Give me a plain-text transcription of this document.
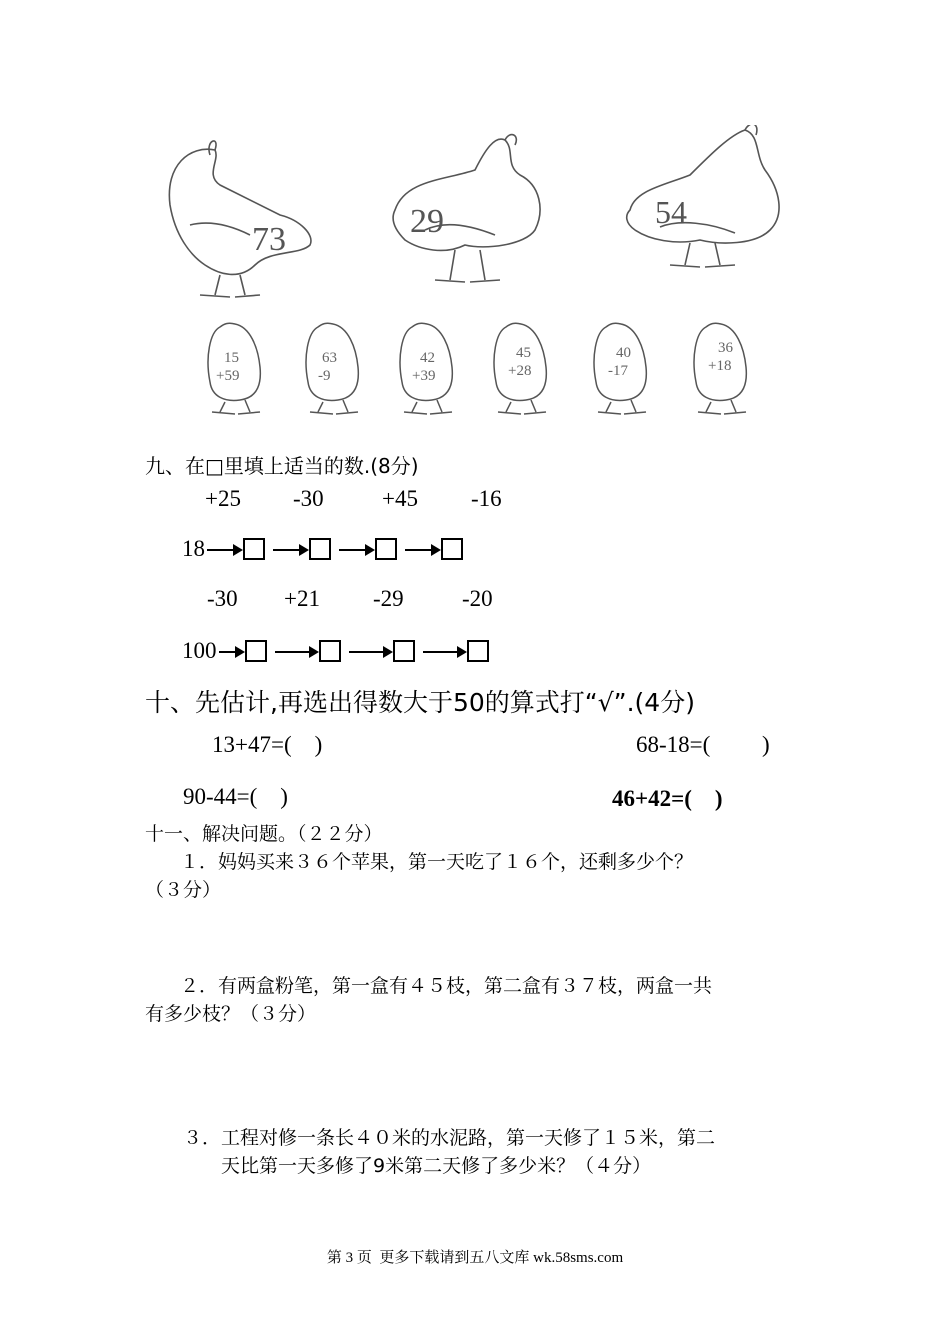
73	29	54
15
+59
63
-9
42
+39
45
+28
40
-17
36
+18
九、在□里填上适当的数.(8分)
+25 -30	+45 -16
18
-30 +21 -29	-20
100
十、先估计,再选出得数大于50的算式打“√”.(4分)
13+47=(    )	68-18=(         )
90-44=(    )	46+42=(    )
十一、解决问题。（２２分）
１．妈妈买来３６个苹果，第一天吃了１６个，还剩多少个？
（３分）
２．有两盒粉笔，第一盒有４５枝，第二盒有３７枝，两盒一共
有多少枝？（３分）
３．工程对修一条长４０米的水泥路，第一天修了１５米，第二
天比第一天多修了9米第二天修了多少米？（４分）
第 3 页  更多下载请到五八文库 wk.58sms.com
